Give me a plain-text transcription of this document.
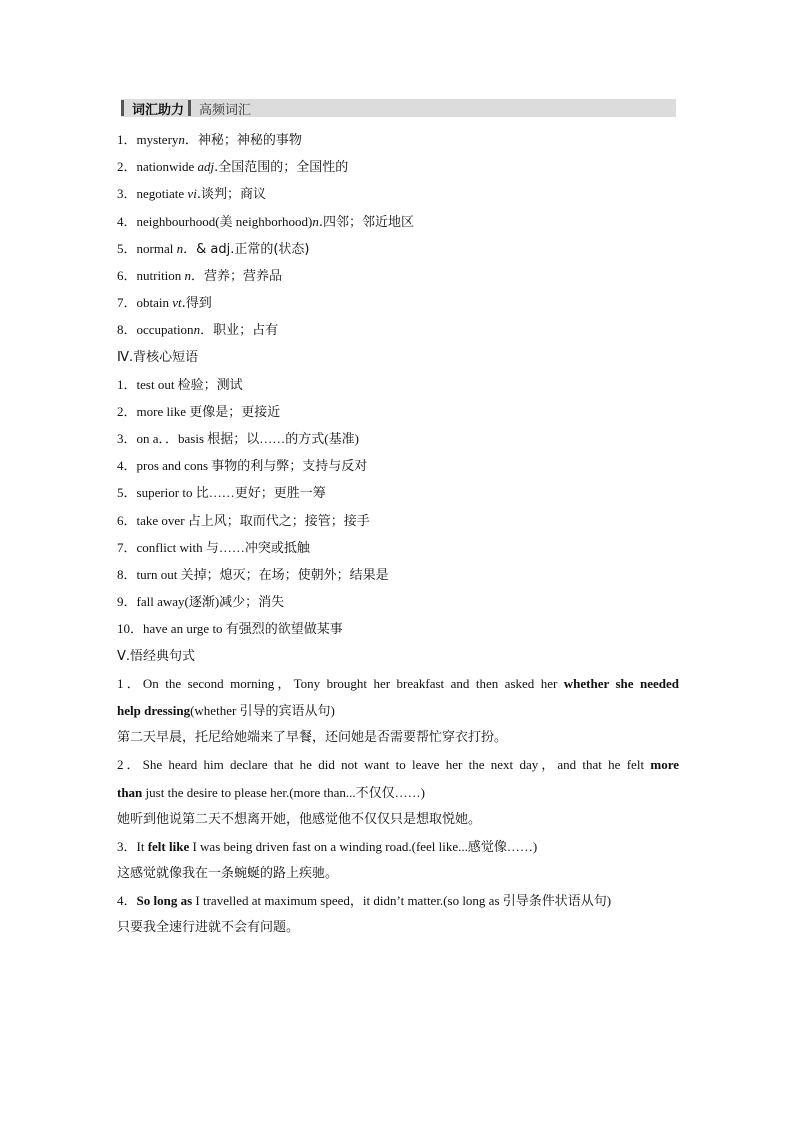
词汇助力 高频词汇
1．mysteryn．神秘；神秘的事物
2．nationwide adj.全国范围的；全国性的
3．negotiate vi.谈判；商议
4．neighbourhood(美 neighborhood)n.四邻；邻近地区
5．normal n．& adj.正常的(状态)
6．nutrition n．营养；营养品
7．obtain vt.得到
8．occupationn．职业；占有
Ⅳ.背核心短语
1．test out 检验；测试
2．more like 更像是；更接近
3．on a．．basis 根据；以……的方式(基准)
4．pros and cons 事物的利与弊；支持与反对
5．superior to 比……更好；更胜一筹
6．take over 占上风；取而代之；接管；接手
7．conflict with 与……冲突或抵触
8．turn out 关掉；熄灭；在场；使朝外；结果是
9．fall away(逐渐)减少；消失
10．have an urge to 有强烈的欲望做某事
Ⅴ.悟经典句式
1．On the second morning，Tony brought her breakfast and then asked her whether she needed
help dressing(whether 引导的宾语从句)
第二天早晨，托尼给她端来了早餐，还问她是否需要帮忙穿衣打扮。
2．She heard him declare that he did not want to leave her the next day，and that he felt more
than just the desire to please her.(more than...不仅仅……)
她听到他说第二天不想离开她，他感觉他不仅仅只是想取悦她。
3．It felt like I was being driven fast on a winding road.(feel like...感觉像……)
这感觉就像我在一条蜿蜒的路上疾驰。
4．So long as I travelled at maximum speed，it didn’t matter.(so long as 引导条件状语从句)
只要我全速行进就不会有问题。
